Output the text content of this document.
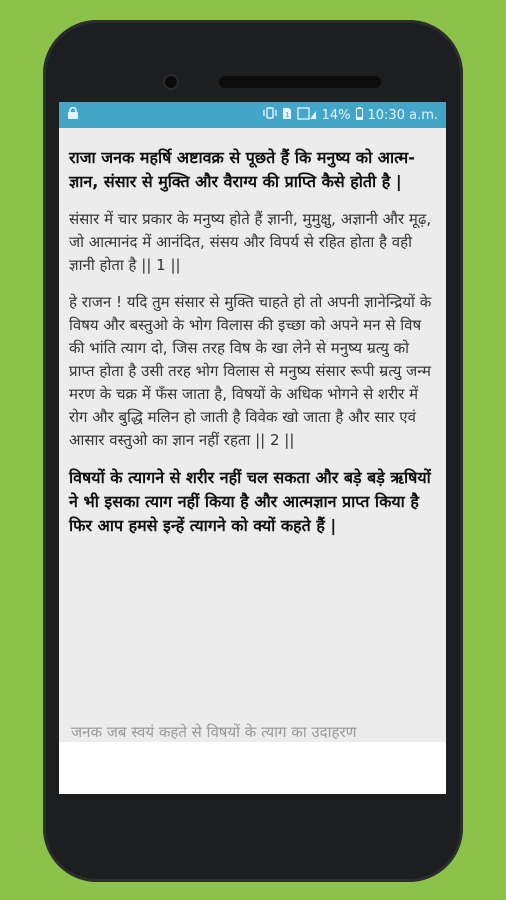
1	14% 10:30 a.m.

राजा जनक महर्षि अष्टावक्र से पूछते हैं कि मनुष्य को आत्म-ज्ञान, संसार से मुक्ति और वैराग्य की प्राप्ति कैसे होती है |

संसार में चार प्रकार के मनुष्य होते हैं ज्ञानी, मुमुक्षु, अज्ञानी और मूढ़, जो आत्मानंद में आनंदित, संसय और विपर्य से रहित होता है वही ज्ञानी होता है || 1 ||

हे राजन ! यदि तुम संसार से मुक्ति चाहते हो तो अपनी ज्ञानेन्द्रियों के विषय और बस्तुओ के भोग विलास की इच्छा को अपने मन से विष की भांति त्याग दो, जिस तरह विष के खा लेने से मनुष्य म्रत्यु को प्राप्त होता है उसी तरह भोग विलास से मनुष्य संसार रूपी म्रत्यु जन्म मरण के चक्र में फँस जाता है, विषयों के अधिक भोगने से शरीर में रोग और बुद्धि मलिन हो जाती है विवेक खो जाता है और सार एवं आसार वस्तुओ का ज्ञान नहीं रहता || 2 ||

विषयों के त्यागने से शरीर नहीं चल सकता और बड़े बड़े ऋषियों ने भी इसका त्याग नहीं किया है और आत्मज्ञान प्राप्त किया है फिर आप हमसे इन्हें त्यागने को क्यों कहते हैं |

जनक जब स्वयं कहते से विषयों के त्याग का उदाहरण
